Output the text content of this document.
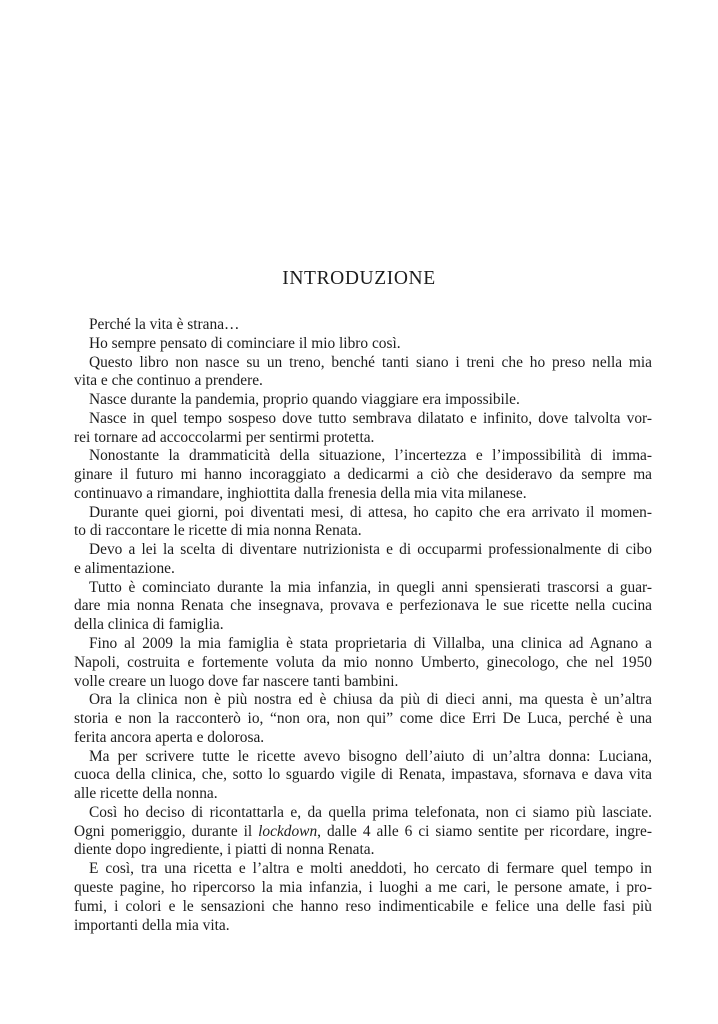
INTRODUZIONE
Perché la vita è strana…
Ho sempre pensato di cominciare il mio libro così.
Questo libro non nasce su un treno, benché tanti siano i treni che ho preso nella mia
vita e che continuo a prendere.
Nasce durante la pandemia, proprio quando viaggiare era impossibile.
Nasce in quel tempo sospeso dove tutto sembrava dilatato e infinito, dove talvolta vor-
rei tornare ad accoccolarmi per sentirmi protetta.
Nonostante la drammaticità della situazione, l’incertezza e l’impossibilità di imma-
ginare il futuro mi hanno incoraggiato a dedicarmi a ciò che desideravo da sempre ma
continuavo a rimandare, inghiottita dalla frenesia della mia vita milanese.
Durante quei giorni, poi diventati mesi, di attesa, ho capito che era arrivato il momen-
to di raccontare le ricette di mia nonna Renata.
Devo a lei la scelta di diventare nutrizionista e di occuparmi professionalmente di cibo
e alimentazione.
Tutto è cominciato durante la mia infanzia, in quegli anni spensierati trascorsi a guar-
dare mia nonna Renata che insegnava, provava e perfezionava le sue ricette nella cucina
della clinica di famiglia.
Fino al 2009 la mia famiglia è stata proprietaria di Villalba, una clinica ad Agnano a
Napoli, costruita e fortemente voluta da mio nonno Umberto, ginecologo, che nel 1950
volle creare un luogo dove far nascere tanti bambini.
Ora la clinica non è più nostra ed è chiusa da più di dieci anni, ma questa è un’altra
storia e non la racconterò io, “non ora, non qui” come dice Erri De Luca, perché è una
ferita ancora aperta e dolorosa.
Ma per scrivere tutte le ricette avevo bisogno dell’aiuto di un’altra donna: Luciana,
cuoca della clinica, che, sotto lo sguardo vigile di Renata, impastava, sfornava e dava vita
alle ricette della nonna.
Così ho deciso di ricontattarla e, da quella prima telefonata, non ci siamo più lasciate.
Ogni pomeriggio, durante il lockdown, dalle 4 alle 6 ci siamo sentite per ricordare, ingre-
diente dopo ingrediente, i piatti di nonna Renata.
E così, tra una ricetta e l’altra e molti aneddoti, ho cercato di fermare quel tempo in
queste pagine, ho ripercorso la mia infanzia, i luoghi a me cari, le persone amate, i pro-
fumi, i colori e le sensazioni che hanno reso indimenticabile e felice una delle fasi più
importanti della mia vita.
